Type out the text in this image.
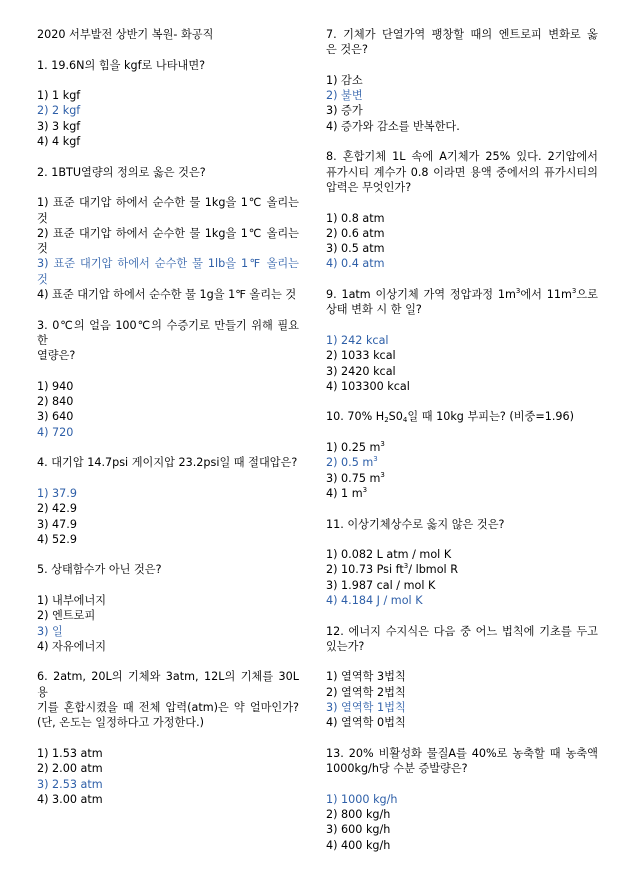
2020 서부발전 상반기 복원- 화공직
1. 19.6N의 힘을 kgf로 나타내면?
1) 1 kgf
2) 2 kgf
3) 3 kgf
4) 4 kgf
2. 1BTU열량의 정의로 옳은 것은?
1) 표준 대기압 하에서 순수한 물 1kg을 1℃ 올리는
것
2) 표준 대기압 하에서 순수한 물 1kg을 1℃ 올리는
것
3) 표준 대기압 하에서 순수한 물 1lb을 1℉ 올리는
것
4) 표준 대기압 하에서 순수한 물 1g을 1℉ 올리는 것
3. 0℃의 얼음 100℃의 수증기로 만들기 위해 필요한
열량은?
1) 940
2) 840
3) 640
4) 720
4. 대기압 14.7psi 게이지압 23.2psi일 때 절대압은?
1) 37.9
2) 42.9
3) 47.9
4) 52.9
5. 상태함수가 아닌 것은?
1) 내부에너지
2) 엔트로피
3) 일
4) 자유에너지
6. 2atm, 20L의 기체와 3atm, 12L의 기체를 30L 용
기를 혼합시켰을 때 전체 압력(atm)은 약 얼마인가?
(단, 온도는 일정하다고 가정한다.)
1) 1.53 atm
2) 2.00 atm
3) 2.53 atm
4) 3.00 atm
7. 기체가 단열가역 팽창할 때의 엔트로피 변화로 옳
은 것은?
1) 감소
2) 불변
3) 증가
4) 증가와 감소를 반복한다.
8. 혼합기체 1L 속에 A기체가 25% 있다. 2기압에서
퓨가시티 계수가 0.8 이라면 용액 중에서의 퓨가시티의
압력은 무엇인가?
1) 0.8 atm
2) 0.6 atm
3) 0.5 atm
4) 0.4 atm
9. 1atm 이상기체 가역 정압과정 $1m^3$에서 $11m^3$으로
상태 변화 시 한 일?
1) 242 kcal
2) 1033 kcal
3) 2420 kcal
4) 103300 kcal
10. 70% $H_2S0_4$일 때 10kg 부피는? (비중=1.96)
1) 0.25 $m^3$
2) 0.5 $m^3$
3) 0.75 $m^3$
4) 1 $m^3$
11. 이상기체상수로 옳지 않은 것은?
1) 0.082 L atm / mol K
2) 10.73 Psi $ft^3/$ lbmol R
3) 1.987 cal / mol K
4) 4.184 J / mol K
12. 에너지 수지식은 다음 중 어느 법칙에 기초를 두고
있는가?
1) 열역학 3법칙
2) 열역학 2법칙
3) 열역학 1법칙
4) 열역학 0법칙
13. 20% 비활성화 물질A를 40%로 농축할 때 농축액
1000kg/h당 수분 증발량은?
1) 1000 kg/h
2) 800 kg/h
3) 600 kg/h
4) 400 kg/h
